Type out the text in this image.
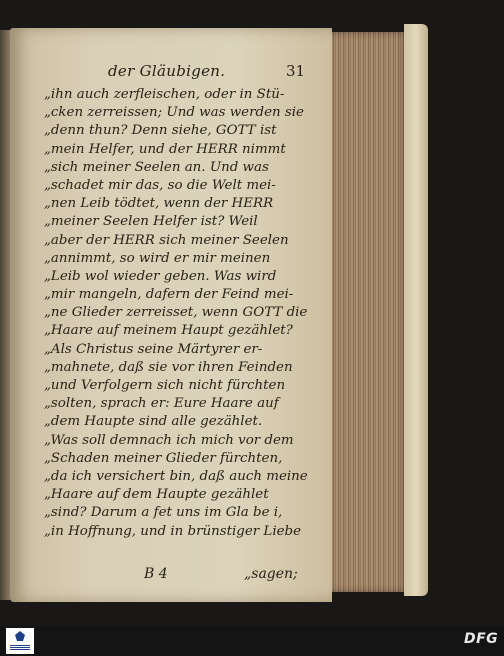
der Gläubigen.	31
„ihn auch zerfleischen, oder in Stü-
„cken zerreissen; Und was werden sie
„denn thun? Denn siehe, GOTT ist
„mein Helfer, und der HERR nimmt
„sich meiner Seelen an. Und was
„schadet mir das, so die Welt mei-
„nen Leib tödtet, wenn der HERR
„meiner Seelen Helfer ist? Weil
„aber der HERR sich meiner Seelen
„annimmt, so wird er mir meinen
„Leib wol wieder geben. Was wird
„mir mangeln, dafern der Feind mei-
„ne Glieder zerreisset, wenn GOTT die
„Haare auf meinem Haupt gezählet?
„Als Christus seine Märtyrer er-
„mahnete, daß sie vor ihren Feinden
„und Verfolgern sich nicht fürchten
„solten, sprach er: Eure Haare auf
„dem Haupte sind alle gezählet.
„Was soll demnach ich mich vor dem
„Schaden meiner Glieder fürchten,
„da ich versichert bin, daß auch meine
„Haare auf dem Haupte gezählet
„sind? Darum a fet uns im Gla be i,
„in Hoffnung, und in brünstiger Liebe
B 4	„sagen;
DFG
